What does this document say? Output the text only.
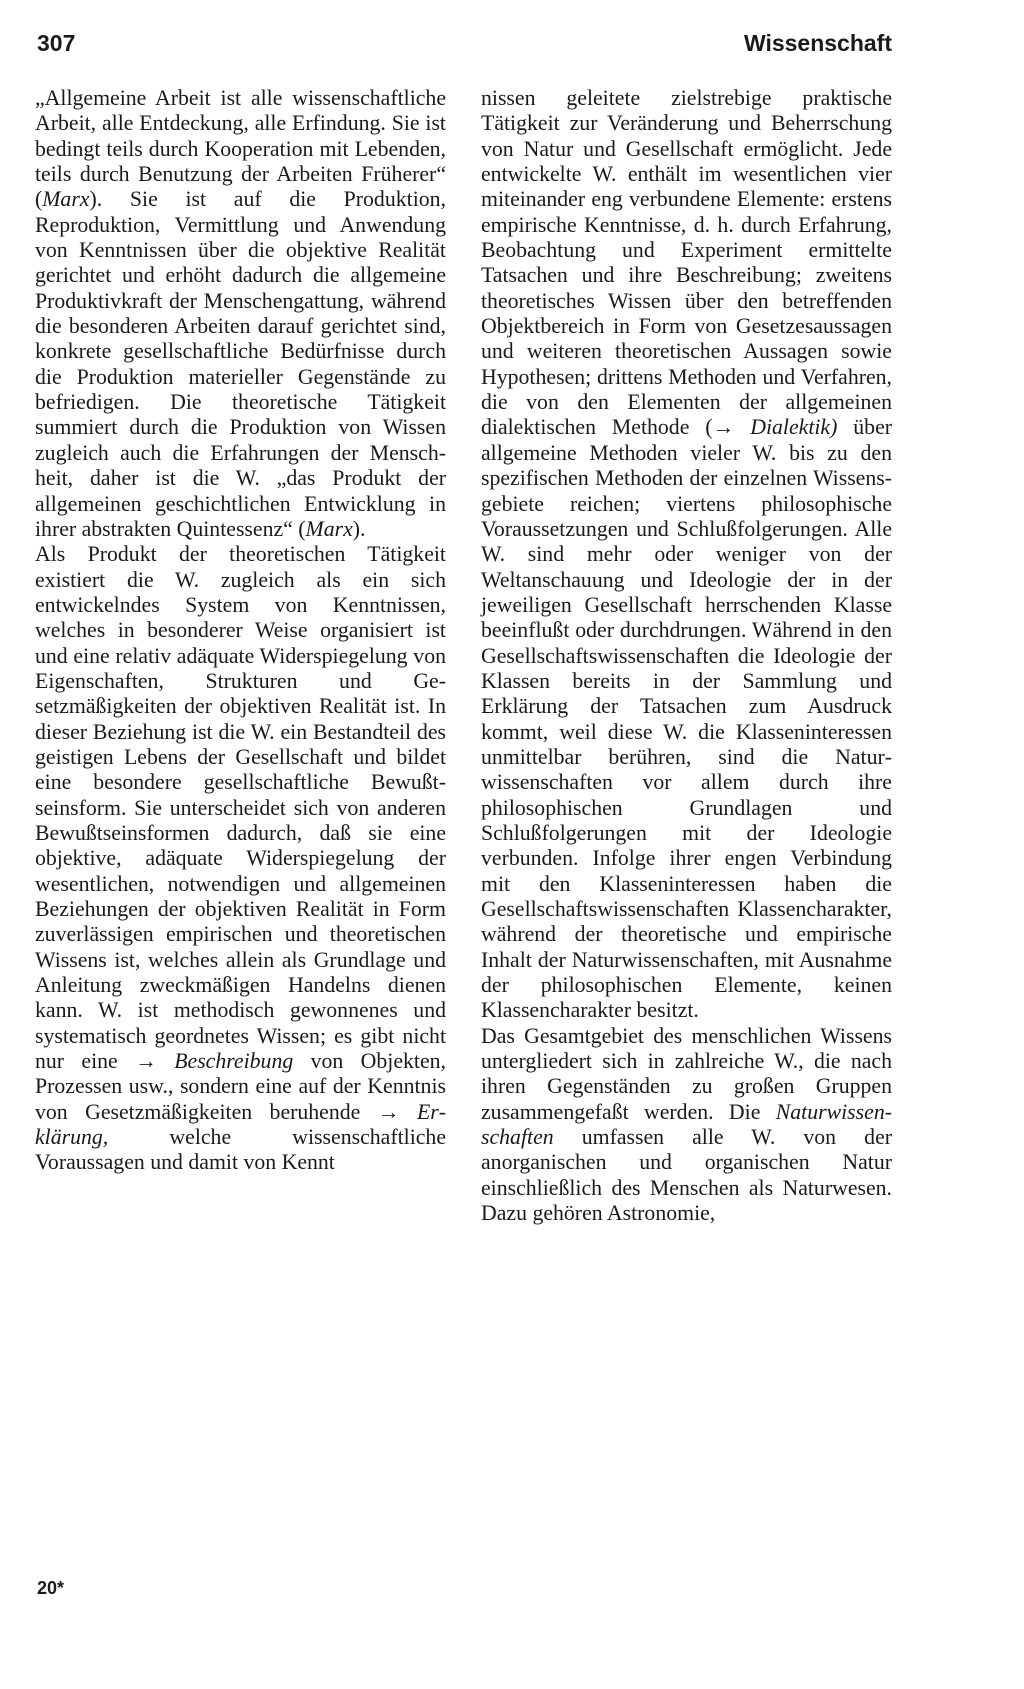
307	Wissenschaft

„Allgemeine Arbeit ist alle wissenschaftliche Arbeit, alle Entdeckung, alle Erfindung. Sie ist bedingt teils durch Kooperation mit Lebenden, teils durch Benutzung der Arbeiten Früherer“ (Marx). Sie ist auf die Produktion, Reproduktion, Vermittlung und Anwendung von Kenntnissen über die objektive Realität gerichtet und erhöht dadurch die allgemeine Produktivkraft der Menschengattung, während die besonderen Arbeiten darauf gerichtet sind, konkrete gesellschaftliche Bedürfnisse durch die Produktion materieller Gegenstände zu befriedigen. Die theoretische Tätigkeit summiert durch die Produktion von Wissen zugleich auch die Erfahrungen der Menschheit, daher ist die W. „das Produkt der allgemeinen geschichtlichen Entwicklung in ihrer abstrakten Quintessenz“ (Marx).

Als Produkt der theoretischen Tätigkeit existiert die W. zugleich als ein sich entwickelndes System von Kenntnissen, welches in besonderer Weise organisiert ist und eine relativ adäquate Widerspiegelung von Eigenschaften, Strukturen und Gesetzmäßigkeiten der objektiven Realität ist. In dieser Beziehung ist die W. ein Bestandteil des geistigen Lebens der Gesellschaft und bildet eine besondere gesellschaftliche Bewußtseinsform. Sie unterscheidet sich von anderen Bewußtseinsformen dadurch, daß sie eine objektive, adäquate Widerspiegelung der wesentlichen, notwendigen und allgemeinen Beziehungen der objektiven Realität in Form zuverlässigen empirischen und theoretischen Wissens ist, welches allein als Grundlage und Anleitung zweckmäßigen Handelns dienen kann. W. ist methodisch gewonnenes und systematisch geordnetes Wissen; es gibt nicht nur eine → Beschreibung von Objekten, Prozessen usw., sondern eine auf der Kenntnis von Gesetzmäßigkeiten beruhende → Erklärung, welche wissenschaftliche Voraussagen und damit von Kennt

nissen geleitete zielstrebige praktische Tätigkeit zur Veränderung und Beherrschung von Natur und Gesellschaft ermöglicht. Jede entwickelte W. enthält im wesentlichen vier miteinander eng verbundene Elemente: erstens empirische Kenntnisse, d. h. durch Erfahrung, Beobachtung und Experiment ermittelte Tatsachen und ihre Beschreibung; zweitens theoretisches Wissen über den betreffenden Objektbereich in Form von Gesetzesaussagen und weiteren theoretischen Aussagen sowie Hypothesen; drittens Methoden und Verfahren, die von den Elementen der allgemeinen dialektischen Methode (→ Dialektik) über allgemeine Methoden vieler W. bis zu den spezifischen Methoden der einzelnen Wissensgebiete reichen; viertens philosophische Voraussetzungen und Schlußfolgerungen. Alle W. sind mehr oder weniger von der Weltanschauung und Ideologie der in der jeweiligen Gesellschaft herrschenden Klasse beeinflußt oder durchdrungen. Während in den Gesellschaftswissenschaften die Ideologie der Klassen bereits in der Sammlung und Erklärung der Tatsachen zum Ausdruck kommt, weil diese W. die Klasseninteressen unmittelbar berühren, sind die Naturwissenschaften vor allem durch ihre philosophischen Grundlagen und Schlußfolgerungen mit der Ideologie verbunden. Infolge ihrer engen Verbindung mit den Klasseninteressen haben die Gesellschaftswissenschaften Klassencharakter, während der theoretische und empirische Inhalt der Naturwissenschaften, mit Ausnahme der philosophischen Elemente, keinen Klassencharakter besitzt.

Das Gesamtgebiet des menschlichen Wissens untergliedert sich in zahlreiche W., die nach ihren Gegenständen zu großen Gruppen zusammengefaßt werden. Die Naturwissenschaften umfassen alle W. von der anorganischen und organischen Natur einschließlich des Menschen als Naturwesen. Dazu gehören Astronomie,

20*
